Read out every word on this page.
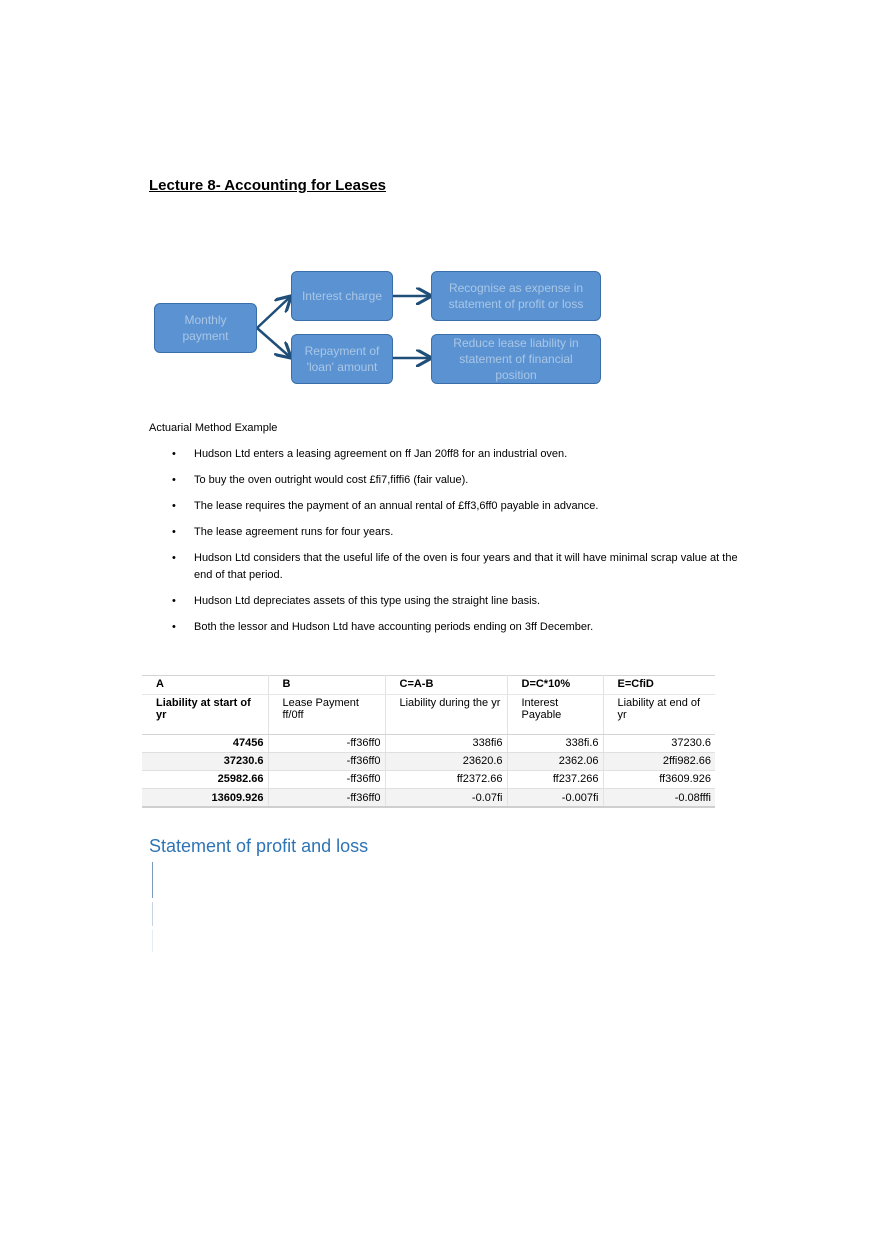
Lecture 8- Accounting for Leases
Monthly payment
Interest charge
Repayment of 'loan' amount
Recognise as expense in statement of profit or loss
Reduce lease liability in statement of financial position
Actuarial Method Example
• Hudson Ltd enters a leasing agreement on ff Jan 20ff8 for an industrial oven.
• To buy the oven outright would cost £fi7,fiffi6 (fair value).
• The lease requires the payment of an annual rental of £ff3,6ff0 payable in advance.
• The lease agreement runs for four years.
• Hudson Ltd considers that the useful life of the oven is four years and that it will have minimal scrap value at the end of that period.
• Hudson Ltd depreciates assets of this type using the straight line basis.
• Both the lessor and Hudson Ltd have accounting periods ending on 3ff December.
A	B	C=A-B	D=C*10%	E=CfiD
Liability at start of yr	Lease Payment ff/0ff	Liability during the yr	Interest Payable	Liability at end of yr
47456	-ff36ff0	338fi6	338fi.6	37230.6
37230.6	-ff36ff0	23620.6	2362.06	2ffi982.66
25982.66	-ff36ff0	ff2372.66	ff237.266	ff3609.926
13609.926	-ff36ff0	-0.07fi	-0.007fi	-0.08fffi
Statement of profit and loss
